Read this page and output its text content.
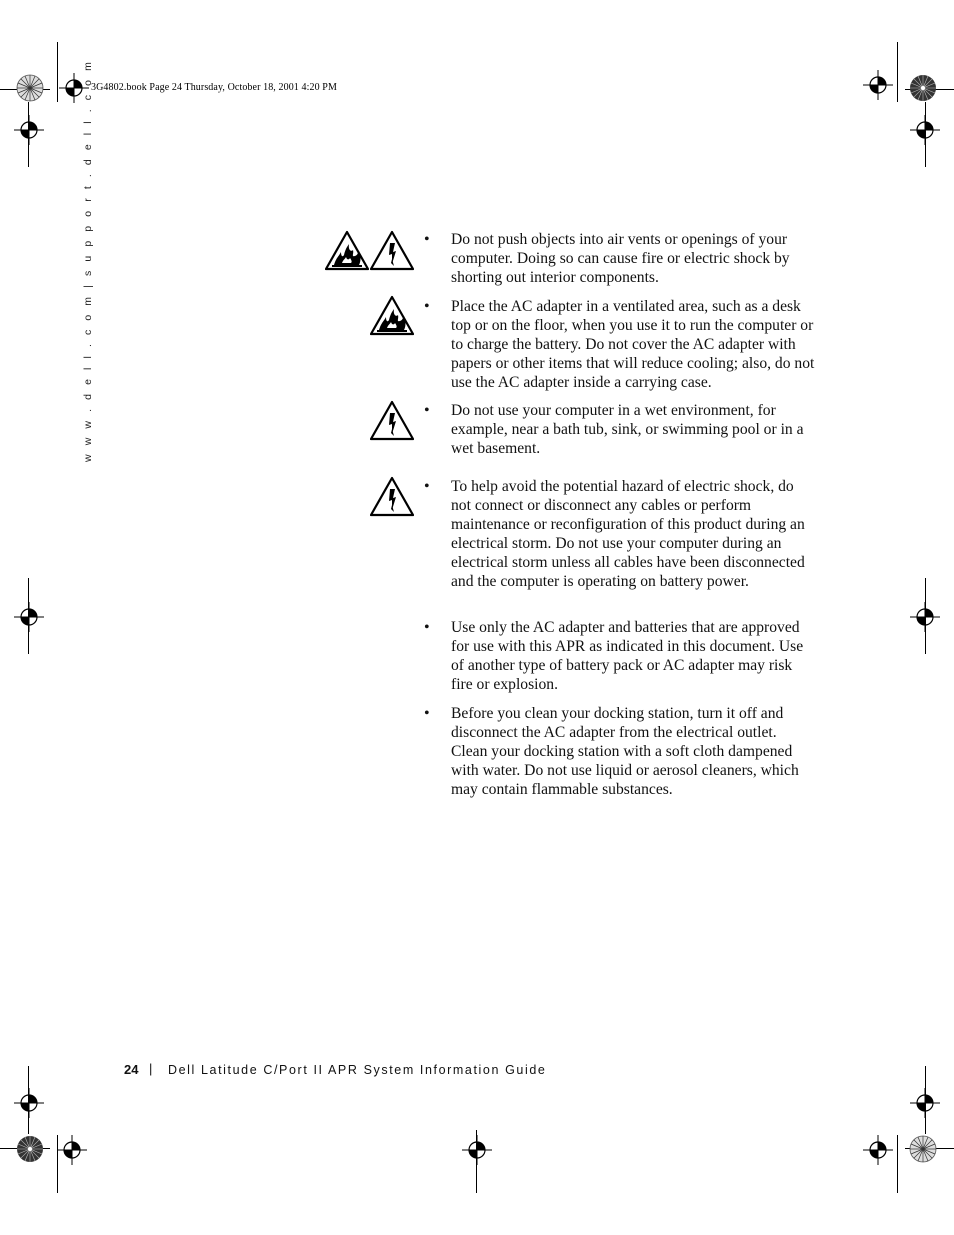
3G4802.book Page 24 Thursday, October 18, 2001 4:20 PM
w w w . d e l l . c o m | s u p p o r t . d e l l . c o m	• Do not push objects into air vents or openings of your computer. Doing so can cause fire or electric shock by shorting out interior components.
• Place the AC adapter in a ventilated area, such as a desk top or on the floor, when you use it to run the computer or to charge the battery. Do not cover the AC adapter with papers or other items that will reduce cooling; also, do not use the AC adapter inside a carrying case.
• Do not use your computer in a wet environment, for example, near a bath tub, sink, or swimming pool or in a wet basement.
• To help avoid the potential hazard of electric shock, do not connect or disconnect any cables or perform maintenance or reconfiguration of this product during an electrical storm. Do not use your computer during an electrical storm unless all cables have been disconnected and the computer is operating on battery power.
• Use only the AC adapter and batteries that are approved for use with this APR as indicated in this document. Use of another type of battery pack or AC adapter may risk fire or explosion.
• Before you clean your docking station, turn it off and disconnect the AC adapter from the electrical outlet. Clean your docking station with a soft cloth dampened with water. Do not use liquid or aerosol cleaners, which may contain flammable substances.
24 | Dell Latitude C/Port II APR System Information Guide
